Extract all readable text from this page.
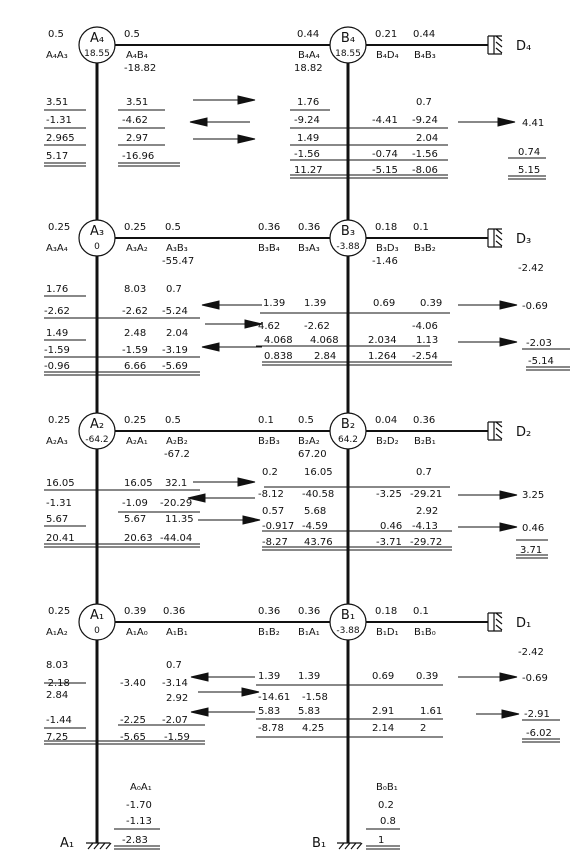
A₄
18.55
B₄
18.55
A₃
0
B₃
-3.88
A₂
-64.2
B₂
64.2
A₁
0
B₁
-3.88
D₄
D₃
D₂
D₁
A₁	B₁
0.5
A₄A₃
0.5
A₄B₄
-18.82
0.44
B₄A₄
18.82
0.21
B₄D₄
0.44
B₄B₃
3.51
-1.31
2.965
5.17
3.51
-4.62
2.97
-16.96
1.76
-9.24
1.49
-1.56
11.27
-4.41
-0.74
-5.15
0.7
-9.24
2.04
-1.56
-8.06
4.41
0.74
5.15
0.25
A₃A₄
0.25
A₃A₂
0.5
A₃B₃
-55.47
0.36
B₃B₄
0.36
B₃A₃
0.18
B₃D₃
-1.46
0.1
B₃B₂
1.76
-2.62
1.49
-1.59
-0.96
8.03
-2.62
2.48
-1.59
6.66
0.7
-5.24
2.04
-3.19
-5.69
1.39
4.62
4.068
0.838
1.39
-2.62
4.068
2.84
0.69
2.034
1.264
0.39
-4.06
1.13
-2.54
-2.42
-0.69
-2.03
-5.14
0.25
A₂A₃
0.25
A₂A₁
0.5
A₂B₂
-67.2
0.1
B₂B₃
0.5
B₂A₂
67.20
0.04
B₂D₂
0.36
B₂B₁
16.05
-1.31
5.67
20.41
16.05
-1.09
5.67
20.63
32.1
-20.29
11.35
-44.04
0.2
-8.12
0.57
-0.917
-8.27
16.05
-40.58
5.68
-4.59
43.76
-3.25
0.46
-3.71
0.7
-29.21
2.92
-4.13
-29.72
3.25
0.46
3.71
0.25
A₁A₂
0.39
A₁A₀
0.36
A₁B₁
0.36
B₁B₂
0.36
B₁A₁
0.18
B₁D₁
0.1
B₁B₀
8.03
-2.18
2.84
-1.44
7.25
-3.40
-2.25
-5.65
0.7
-3.14
2.92
-2.07
-1.59
1.39
-14.61
5.83
-8.78
1.39
-1.58
5.83
4.25
0.69
2.91
2.14
0.39
1.61
2
-2.42
-0.69
-2.91
-6.02
A₀A₁
-1.70
-1.13
-2.83
B₀B₁
0.2
0.8
1
